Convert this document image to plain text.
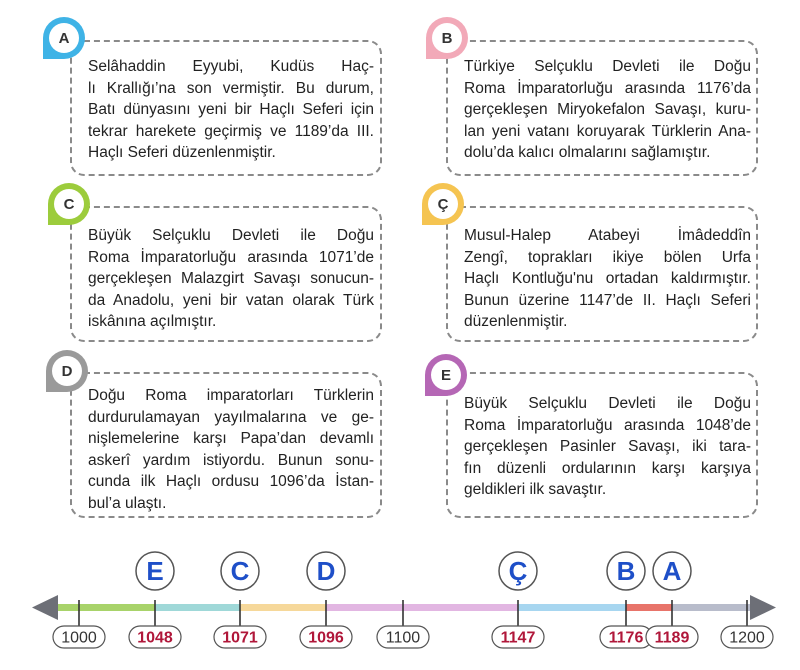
Selâhaddin Eyyubi, Kudüs Haç-
lı Krallığı’na son vermiştir. Bu durum,
Batı dünyasını yeni bir Haçlı Seferi için
tekrar harekete geçirmiş ve 1189’da III.
Haçlı Seferi düzenlenmiştir.
A
Türkiye Selçuklu Devleti ile Doğu
Roma İmparatorluğu arasında 1176’da
gerçekleşen Miryokefalon Savaşı, kuru-
lan yeni vatanı koruyarak Türklerin Ana-
dolu’da kalıcı olmalarını sağlamıştır.
B
Büyük Selçuklu Devleti ile Doğu
Roma İmparatorluğu arasında 1071’de
gerçekleşen Malazgirt Savaşı sonucun-
da Anadolu, yeni bir vatan olarak Türk
iskânına açılmıştır.
C
Musul-Halep Atabeyi İmâdeddîn
Zengî, toprakları ikiye bölen Urfa
Haçlı Kontluğu'nu ortadan kaldırmıştır.
Bunun üzerine 1147’de II. Haçlı Seferi
düzenlenmiştir.
Ç
Doğu Roma imparatorları Türklerin
durdurulamayan yayılmalarına ve ge-
nişlemelerine karşı Papa’dan devamlı
askerî yardım istiyordu. Bunun sonu-
cunda ilk Haçlı ordusu 1096’da İstan-
bul’a ulaştı.
D
Büyük Selçuklu Devleti ile Doğu
Roma İmparatorluğu arasında 1048’de
gerçekleşen Pasinler Savaşı, iki tara-
fın düzenli ordularının karşı karşıya
geldikleri ilk savaştır.
E
1000	1048	1071	1096	1100	1147	1176 1189 1200
E	C	D	Ç	B A
